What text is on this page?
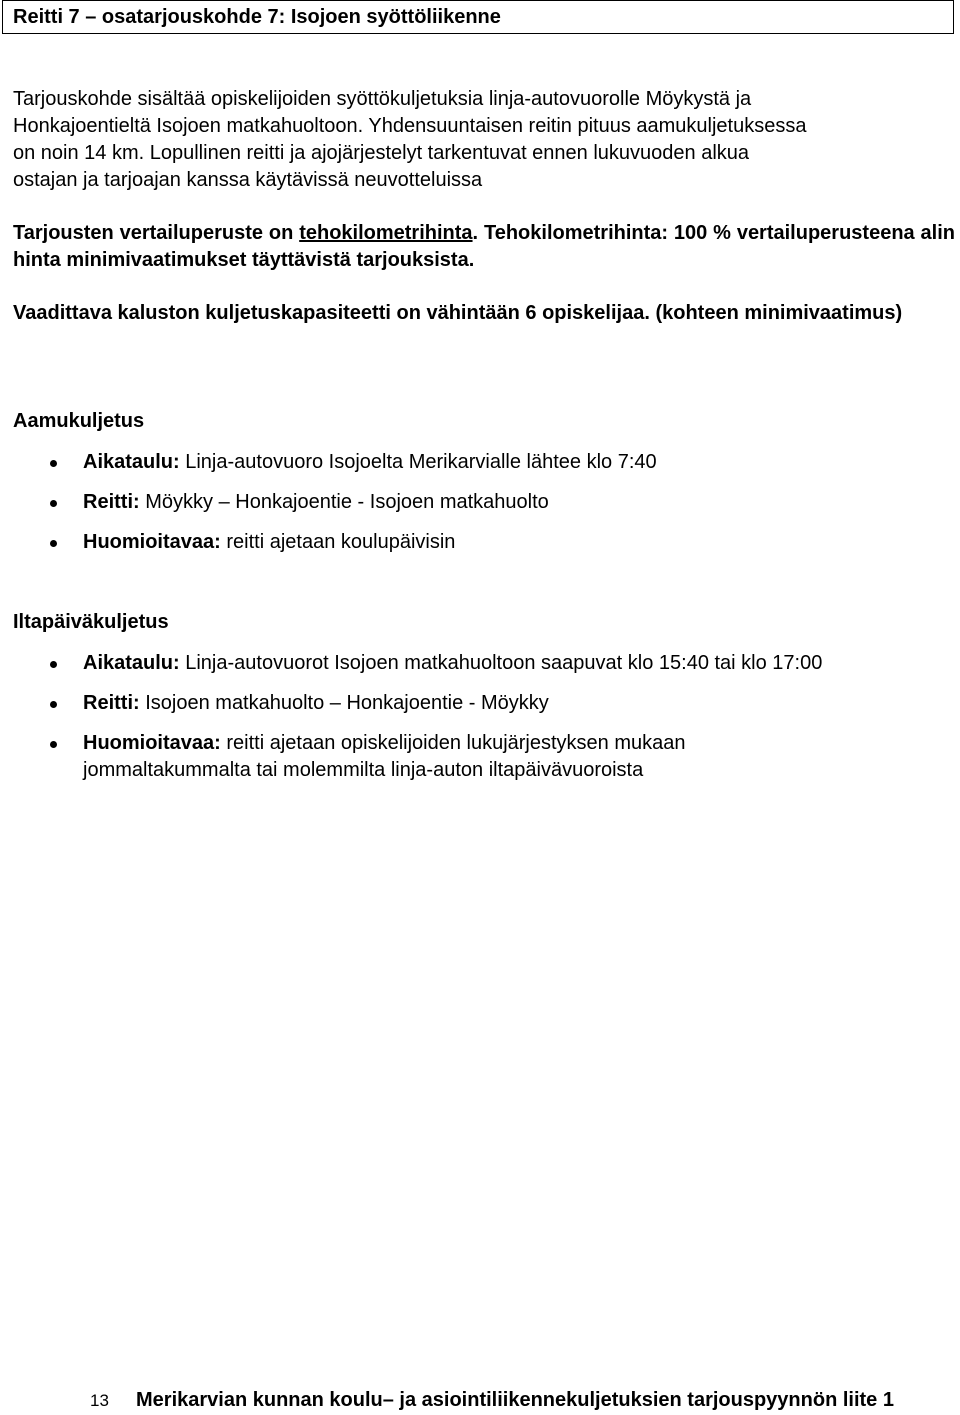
Reitti 7 – osatarjouskohde 7: Isojoen syöttöliikenne
Tarjouskohde sisältää opiskelijoiden syöttökuljetuksia linja-autovuorolle Möykystä ja
Honkajoentieltä Isojoen matkahuoltoon. Yhdensuuntaisen reitin pituus aamukuljetuksessa
on noin 14 km. Lopullinen reitti ja ajojärjestelyt tarkentuvat ennen lukuvuoden alkua
ostajan ja tarjoajan kanssa käytävissä neuvotteluissa
Tarjousten vertailuperuste on tehokilometrihinta. Tehokilometrihinta: 100 % vertailuperusteena alin hinta minimivaatimukset täyttävistä tarjouksista.
Vaadittava kaluston kuljetuskapasiteetti on vähintään 6 opiskelijaa. (kohteen minimivaatimus)
Aamukuljetus
Aikataulu: Linja-autovuoro Isojoelta Merikarvialle lähtee klo 7:40
Reitti: Möykky – Honkajoentie - Isojoen matkahuolto
Huomioitavaa: reitti ajetaan koulupäivisin
Iltapäiväkuljetus
Aikataulu: Linja-autovuorot Isojoen matkahuoltoon saapuvat klo 15:40 tai klo 17:00
Reitti: Isojoen matkahuolto – Honkajoentie - Möykky
Huomioitavaa: reitti ajetaan opiskelijoiden lukujärjestyksen mukaan jommaltakummalta tai molemmilta linja-auton iltapäivävuoroista
13 Merikarvian kunnan koulu– ja asiointiliikennekuljetuksien tarjouspyynnön liite 1
